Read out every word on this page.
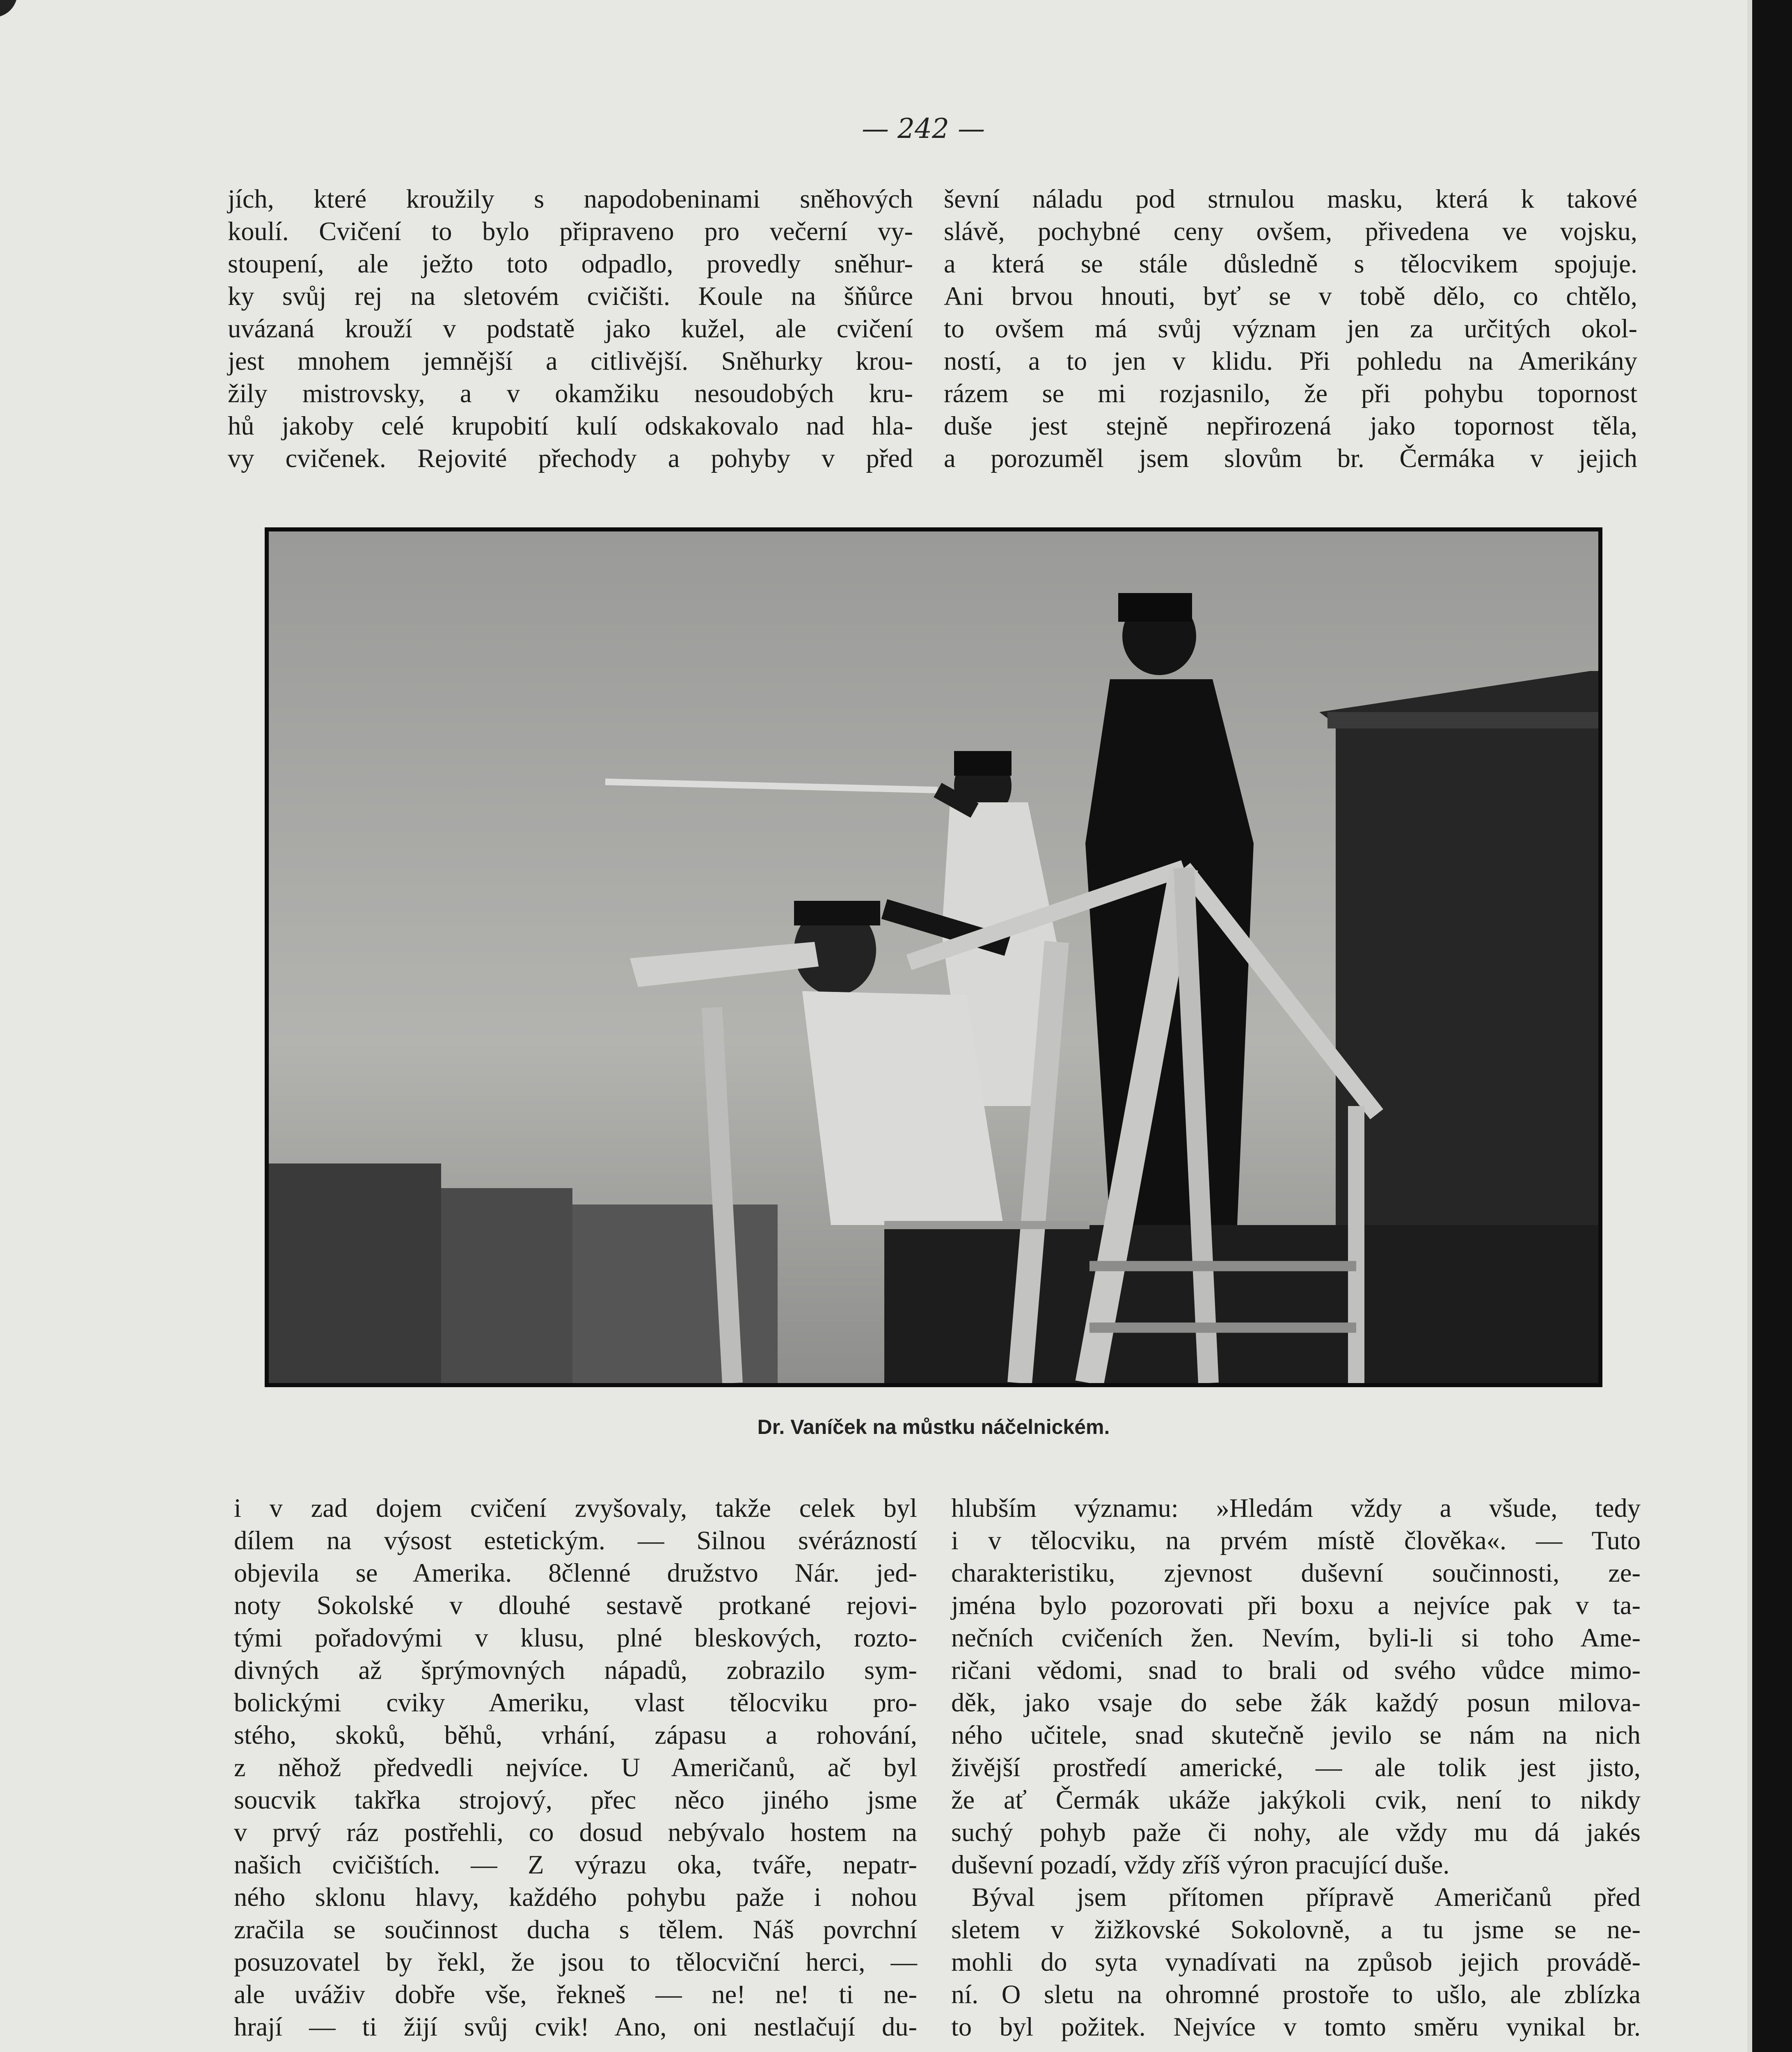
— 242 —
jích, které kroužily s napodobeninami sněhových
koulí. Cvičení to bylo připraveno pro večerní vy-
stoupení, ale ježto toto odpadlo, provedly sněhur-
ky svůj rej na sletovém cvičišti. Koule na šňůrce
uvázaná krouží v podstatě jako kužel, ale cvičení
jest mnohem jemnější a citlivější. Sněhurky krou-
žily mistrovsky, a v okamžiku nesoudobých kru-
hů jakoby celé krupobití kulí odskakovalo nad hla-
vy cvičenek. Rejovité přechody a pohyby v před
ševní náladu pod strnulou masku, která k takové
slávě, pochybné ceny ovšem, přivedena ve vojsku,
a která se stále důsledně s tělocvikem spojuje.
Ani brvou hnouti, byť se v tobě dělo, co chtělo,
to ovšem má svůj význam jen za určitých okol-
ností, a to jen v klidu. Při pohledu na Amerikány
rázem se mi rozjasnilo, že při pohybu topornost
duše jest stejně nepřirozená jako topornost těla,
a porozuměl jsem slovům br. Čermáka v jejich
Dr. Vaníček na můstku náčelnickém.
i v zad dojem cvičení zvyšovaly, takže celek byl
dílem na výsost estetickým. — Silnou svérázností
objevila se Amerika. 8členné družstvo Nár. jed-
noty Sokolské v dlouhé sestavě protkané rejovi-
tými pořadovými v klusu, plné bleskových, rozto-
divných až šprýmovných nápadů, zobrazilo sym-
bolickými cviky Ameriku, vlast tělocviku pro-
stého, skoků, běhů, vrhání, zápasu a rohování,
z něhož předvedli nejvíce. U Američanů, ač byl
soucvik takřka strojový, přec něco jiného jsme
v prvý ráz postřehli, co dosud nebývalo hostem na
našich cvičištích. — Z výrazu oka, tváře, nepatr-
ného sklonu hlavy, každého pohybu paže i nohou
zračila se součinnost ducha s tělem. Náš povrchní
posuzovatel by řekl, že jsou to tělocviční herci, —
ale uváživ dobře vše, řekneš — ne! ne! ti ne-
hrají — ti žijí svůj cvik! Ano, oni nestlačují du-
hlubším významu: »Hledám vždy a všude, tedy
i v tělocviku, na prvém místě člověka«. — Tuto
charakteristiku, zjevnost duševní součinnosti, ze-
jména bylo pozorovati při boxu a nejvíce pak v ta-
nečních cvičeních žen. Nevím, byli-li si toho Ame-
ričani vědomi, snad to brali od svého vůdce mimo-
děk, jako vsaje do sebe žák každý posun milova-
ného učitele, snad skutečně jevilo se nám na nich
živější prostředí americké, — ale tolik jest jisto,
že ať Čermák ukáže jakýkoli cvik, není to nikdy
suchý pohyb paže či nohy, ale vždy mu dá jakés
duševní pozadí, vždy zříš výron pracující duše.
Býval jsem přítomen přípravě Američanů před
sletem v žižkovské Sokolovně, a tu jsme se ne-
mohli do syta vynadívati na způsob jejich provádě-
ní. O sletu na ohromné prostoře to ušlo, ale zblízka
to byl požitek. Nejvíce v tomto směru vynikal br.
